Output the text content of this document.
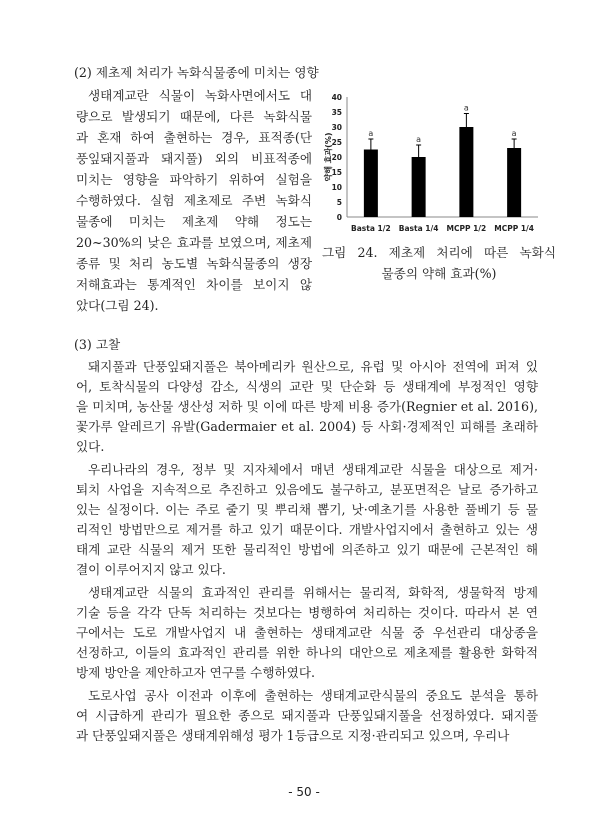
(2) 제초제 처리가 녹화식물종에 미치는 영향
생태계교란 식물이 녹화사면에서도 대
량으로 발생되기 때문에, 다른 녹화식물
과 혼재 하여 출현하는 경우, 표적종(단
풍잎돼지풀과 돼지풀) 외의 비표적종에
미치는 영향을 파악하기 위하여 실험을
수행하였다. 실험 제초제로 주변 녹화식
물종에 미치는 제초제 약해 정도는
20~30%의 낮은 효과를 보였으며, 제초제
종류 및 처리 농도별 녹화식물종의 생장
저해효과는 통계적인 차이를 보이지 않
았다(그림 24).
0
5
10
15
20
25
30
35
40
약해 효과(%)	a
Basta 1/2
a
Basta 1/4
a
MCPP 1/2
a
MCPP 1/4
그림 24. 제초제 처리에 따른 녹화식
물종의 약해 효과(%)
(3) 고찰
돼지풀과 단풍잎돼지풀은 북아메리카 원산으로, 유럽 및 아시아 전역에 퍼져 있
어, 토착식물의 다양성 감소, 식생의 교란 및 단순화 등 생태계에 부정적인 영향
을 미치며, 농산물 생산성 저하 및 이에 따른 방제 비용 증가(Regnier et al. 2016),
꽃가루 알레르기 유발(Gadermaier et al. 2004) 등 사회·경제적인 피해를 초래하
있다.
우리나라의 경우, 정부 및 지자체에서 매년 생태계교란 식물을 대상으로 제거·
퇴치 사업을 지속적으로 추진하고 있음에도 불구하고, 분포면적은 날로 증가하고
있는 실정이다. 이는 주로 줄기 및 뿌리채 뽑기, 낫·예초기를 사용한 풀베기 등 물
리적인 방법만으로 제거를 하고 있기 때문이다. 개발사업지에서 출현하고 있는 생
태계 교란 식물의 제거 또한 물리적인 방법에 의존하고 있기 때문에 근본적인 해
결이 이루어지지 않고 있다.
생태계교란 식물의 효과적인 관리를 위해서는 물리적, 화학적, 생물학적 방제
기술 등을 각각 단독 처리하는 것보다는 병행하여 처리하는 것이다. 따라서 본 연
구에서는 도로 개발사업지 내 출현하는 생태계교란 식물 중 우선관리 대상종을
선정하고, 이들의 효과적인 관리를 위한 하나의 대안으로 제초제를 활용한 화학적
방제 방안을 제안하고자 연구를 수행하였다.
도로사업 공사 이전과 이후에 출현하는 생태계교란식물의 중요도 분석을 통하
여 시급하게 관리가 필요한 종으로 돼지풀과 단풍잎돼지풀을 선정하였다. 돼지풀
과 단풍잎돼지풀은 생태계위해성 평가 1등급으로 지정·관리되고 있으며, 우리나
- 50 -
